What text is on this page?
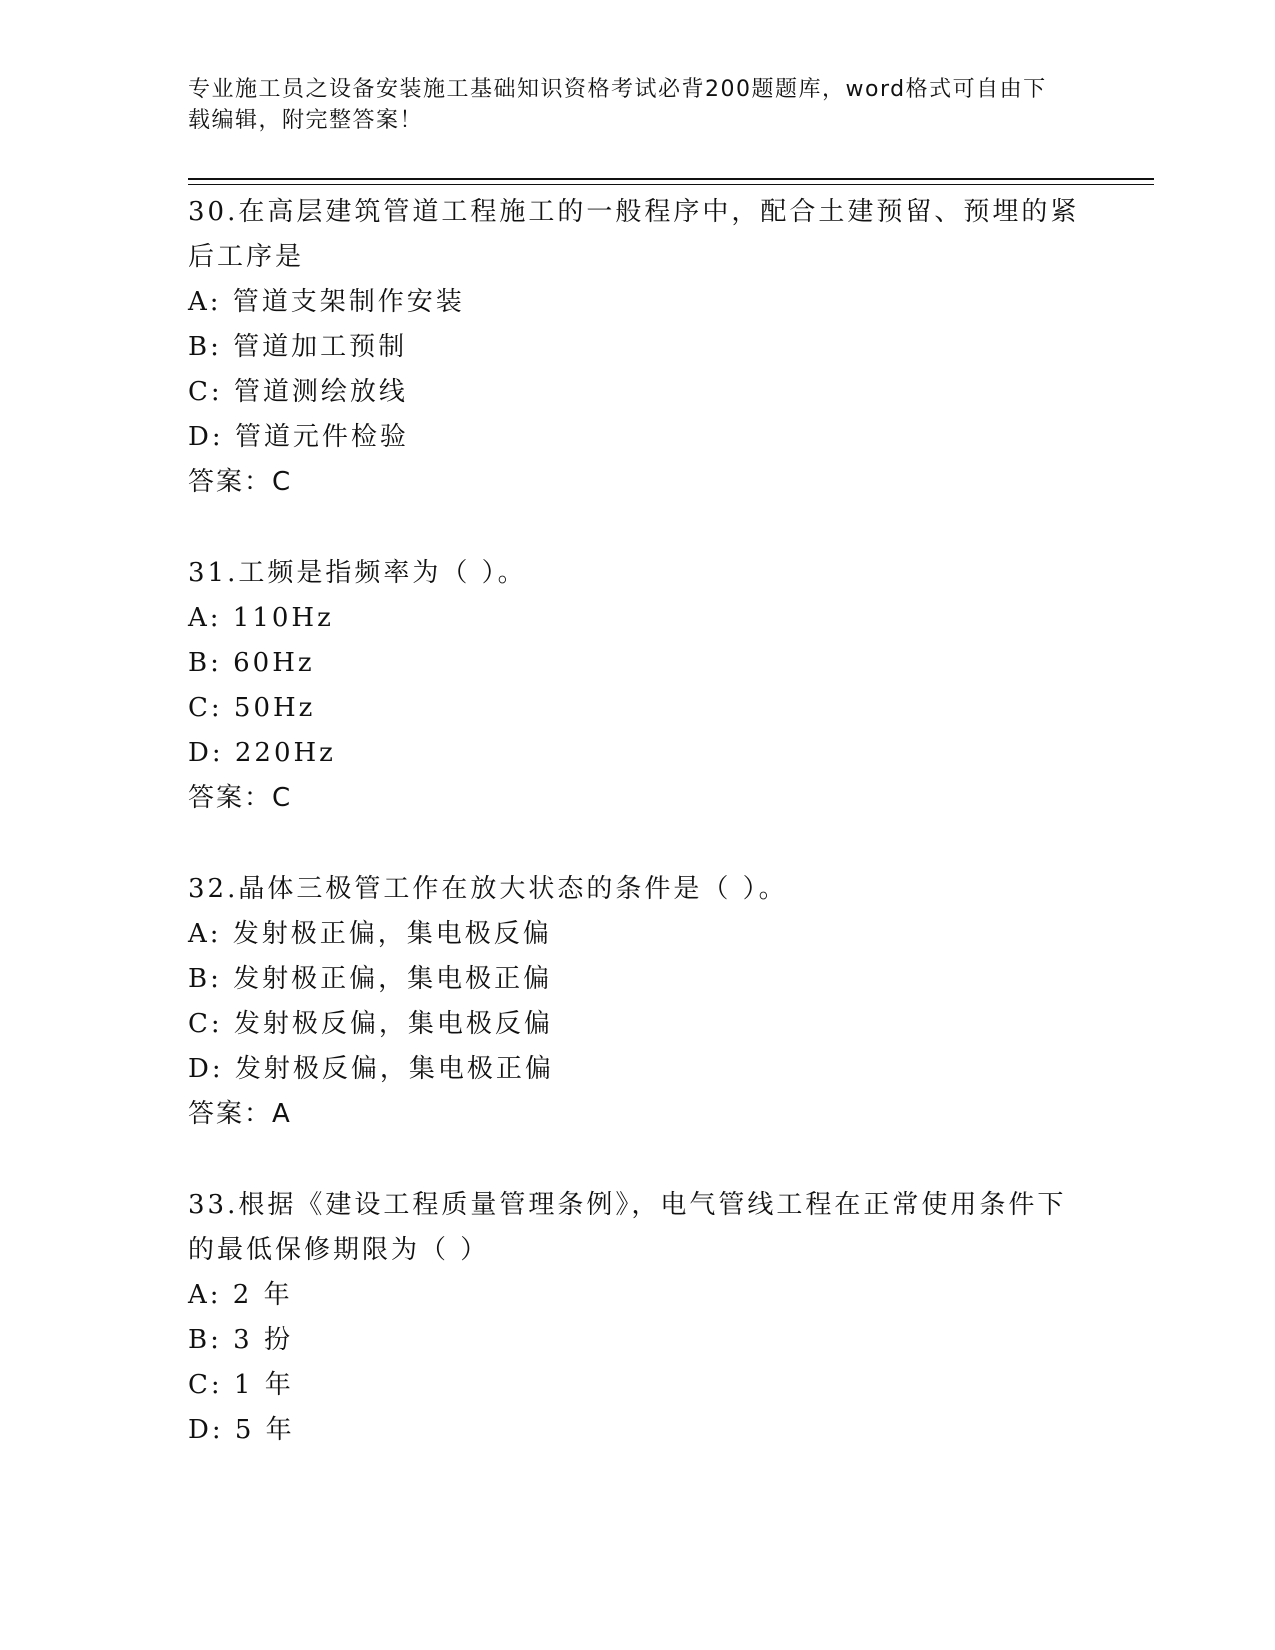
专业施工员之设备安装施工基础知识资格考试必背200题题库，word格式可自由下载编辑，附完整答案！

30.在高层建筑管道工程施工的一般程序中，配合土建预留、预埋的紧后工序是

A: 管道支架制作安装

B: 管道加工预制

C: 管道测绘放线

D: 管道元件检验

答案：C

31.工频是指频率为（ ）。

A: 110Hz

B: 60Hz

C: 50Hz

D: 220Hz

答案：C

32.晶体三极管工作在放大状态的条件是（ ）。

A: 发射极正偏，集电极反偏

B: 发射极正偏，集电极正偏

C: 发射极反偏，集电极反偏

D: 发射极反偏，集电极正偏

答案：A

33.根据《建设工程质量管理条例》，电气管线工程在正常使用条件下的最低保修期限为（ ）

A: 2 年

B: 3 扮

C: 1 年

D: 5 年
